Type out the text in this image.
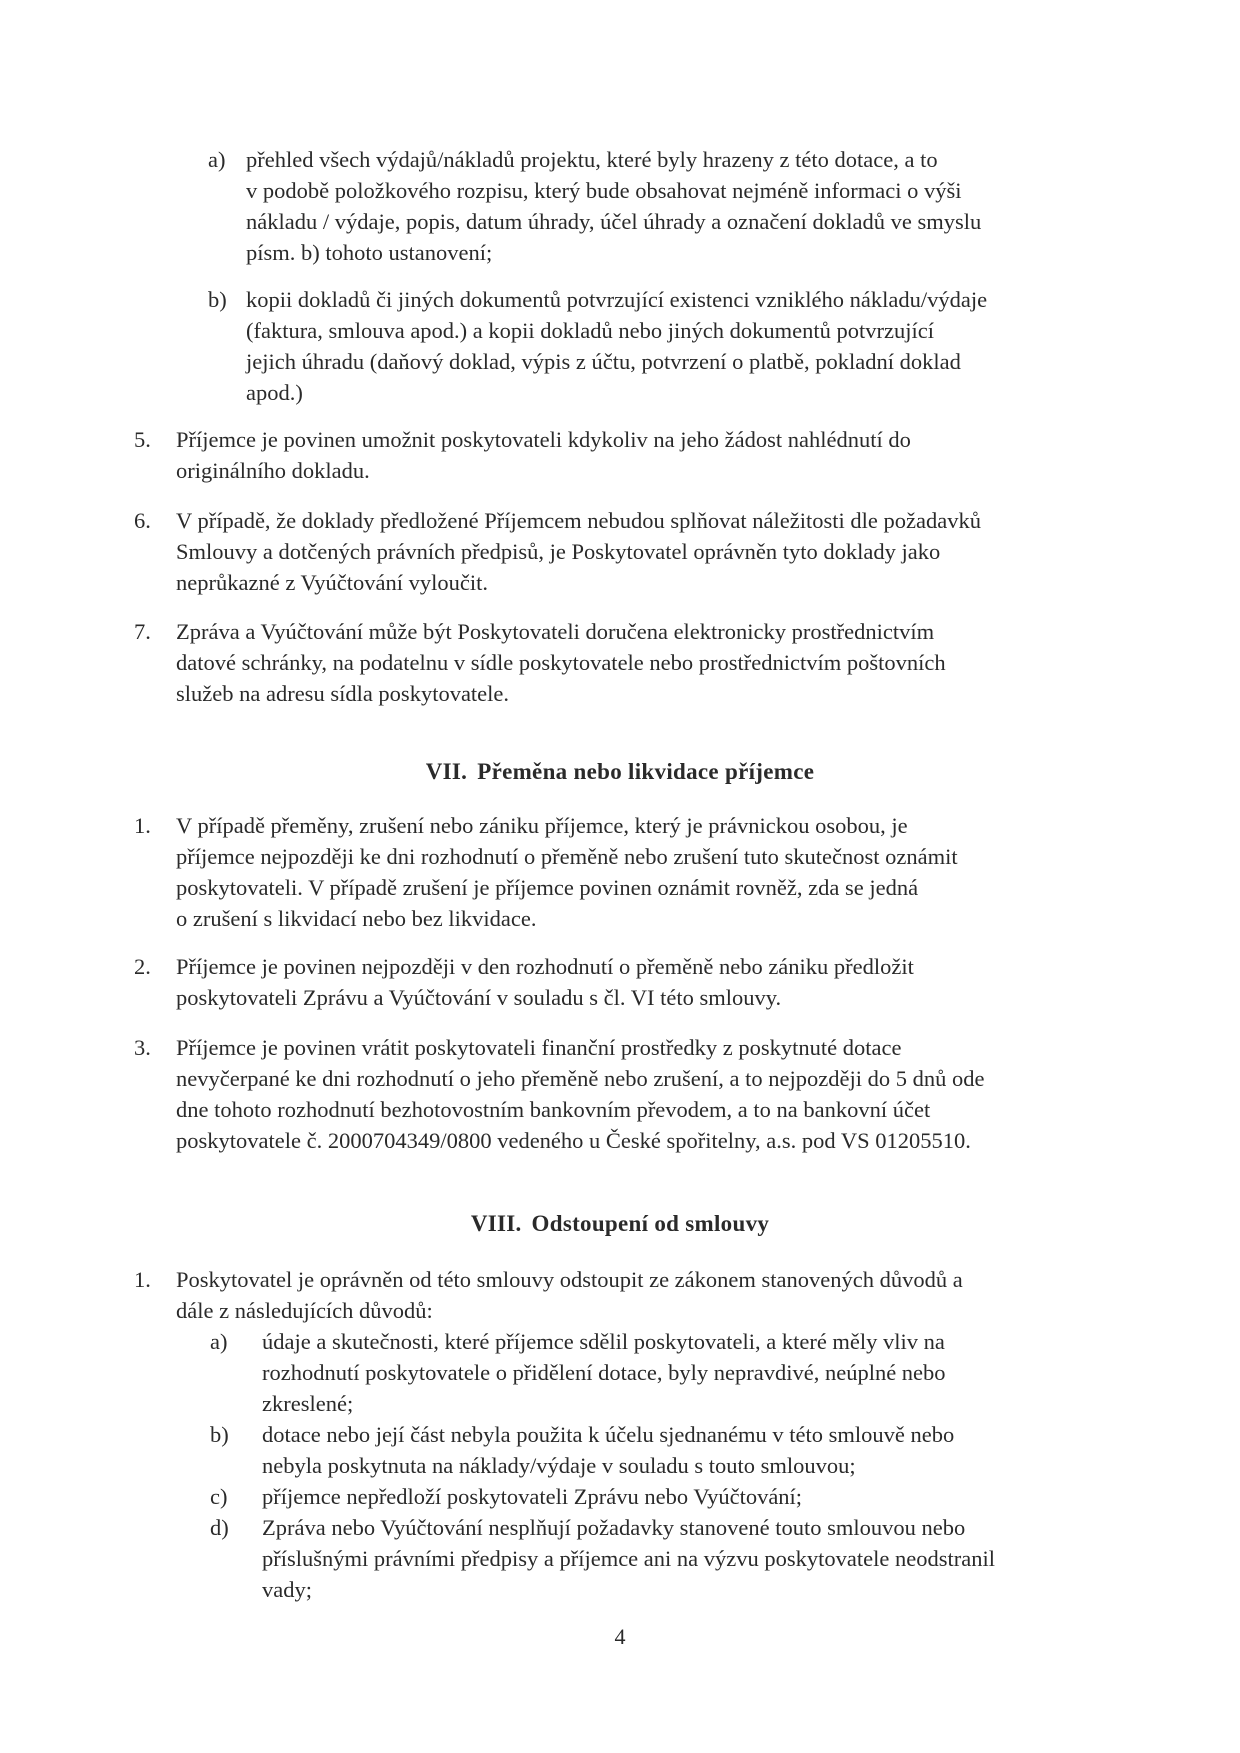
a) přehled všech výdajů/nákladů projektu, které byly hrazeny z této dotace, a to
v podobě položkového rozpisu, který bude obsahovat nejméně informaci o výši
nákladu / výdaje, popis, datum úhrady, účel úhrady a označení dokladů ve smyslu
písm. b) tohoto ustanovení;
b) kopii dokladů či jiných dokumentů potvrzující existenci vzniklého nákladu/výdaje
(faktura, smlouva apod.) a kopii dokladů nebo jiných dokumentů potvrzující
jejich úhradu (daňový doklad, výpis z účtu, potvrzení o platbě, pokladní doklad
apod.)
5. Příjemce je povinen umožnit poskytovateli kdykoliv na jeho žádost nahlédnutí do
originálního dokladu.
6. V případě, že doklady předložené Příjemcem nebudou splňovat náležitosti dle požadavků
Smlouvy a dotčených právních předpisů, je Poskytovatel oprávněn tyto doklady jako
neprůkazné z Vyúčtování vyloučit.
7. Zpráva a Vyúčtování může být Poskytovateli doručena elektronicky prostřednictvím
datové schránky, na podatelnu v sídle poskytovatele nebo prostřednictvím poštovních
služeb na adresu sídla poskytovatele.
VII. Přeměna nebo likvidace příjemce
1. V případě přeměny, zrušení nebo zániku příjemce, který je právnickou osobou, je
příjemce nejpozději ke dni rozhodnutí o přeměně nebo zrušení tuto skutečnost oznámit
poskytovateli. V případě zrušení je příjemce povinen oznámit rovněž, zda se jedná
o zrušení s likvidací nebo bez likvidace.
2. Příjemce je povinen nejpozději v den rozhodnutí o přeměně nebo zániku předložit
poskytovateli Zprávu a Vyúčtování v souladu s čl. VI této smlouvy.
3. Příjemce je povinen vrátit poskytovateli finanční prostředky z poskytnuté dotace
nevyčerpané ke dni rozhodnutí o jeho přeměně nebo zrušení, a to nejpozději do 5 dnů ode
dne tohoto rozhodnutí bezhotovostním bankovním převodem, a to na bankovní účet
poskytovatele č. 2000704349/0800 vedeného u České spořitelny, a.s. pod VS 01205510.
VIII. Odstoupení od smlouvy
1. Poskytovatel je oprávněn od této smlouvy odstoupit ze zákonem stanovených důvodů a
dále z následujících důvodů:
a) údaje a skutečnosti, které příjemce sdělil poskytovateli, a které měly vliv na
rozhodnutí poskytovatele o přidělení dotace, byly nepravdivé, neúplné nebo
zkreslené;
b) dotace nebo její část nebyla použita k účelu sjednanému v této smlouvě nebo
nebyla poskytnuta na náklady/výdaje v souladu s touto smlouvou;
c) příjemce nepředloží poskytovateli Zprávu nebo Vyúčtování;
d) Zpráva nebo Vyúčtování nesplňují požadavky stanovené touto smlouvou nebo
příslušnými právními předpisy a příjemce ani na výzvu poskytovatele neodstranil
vady;
4
